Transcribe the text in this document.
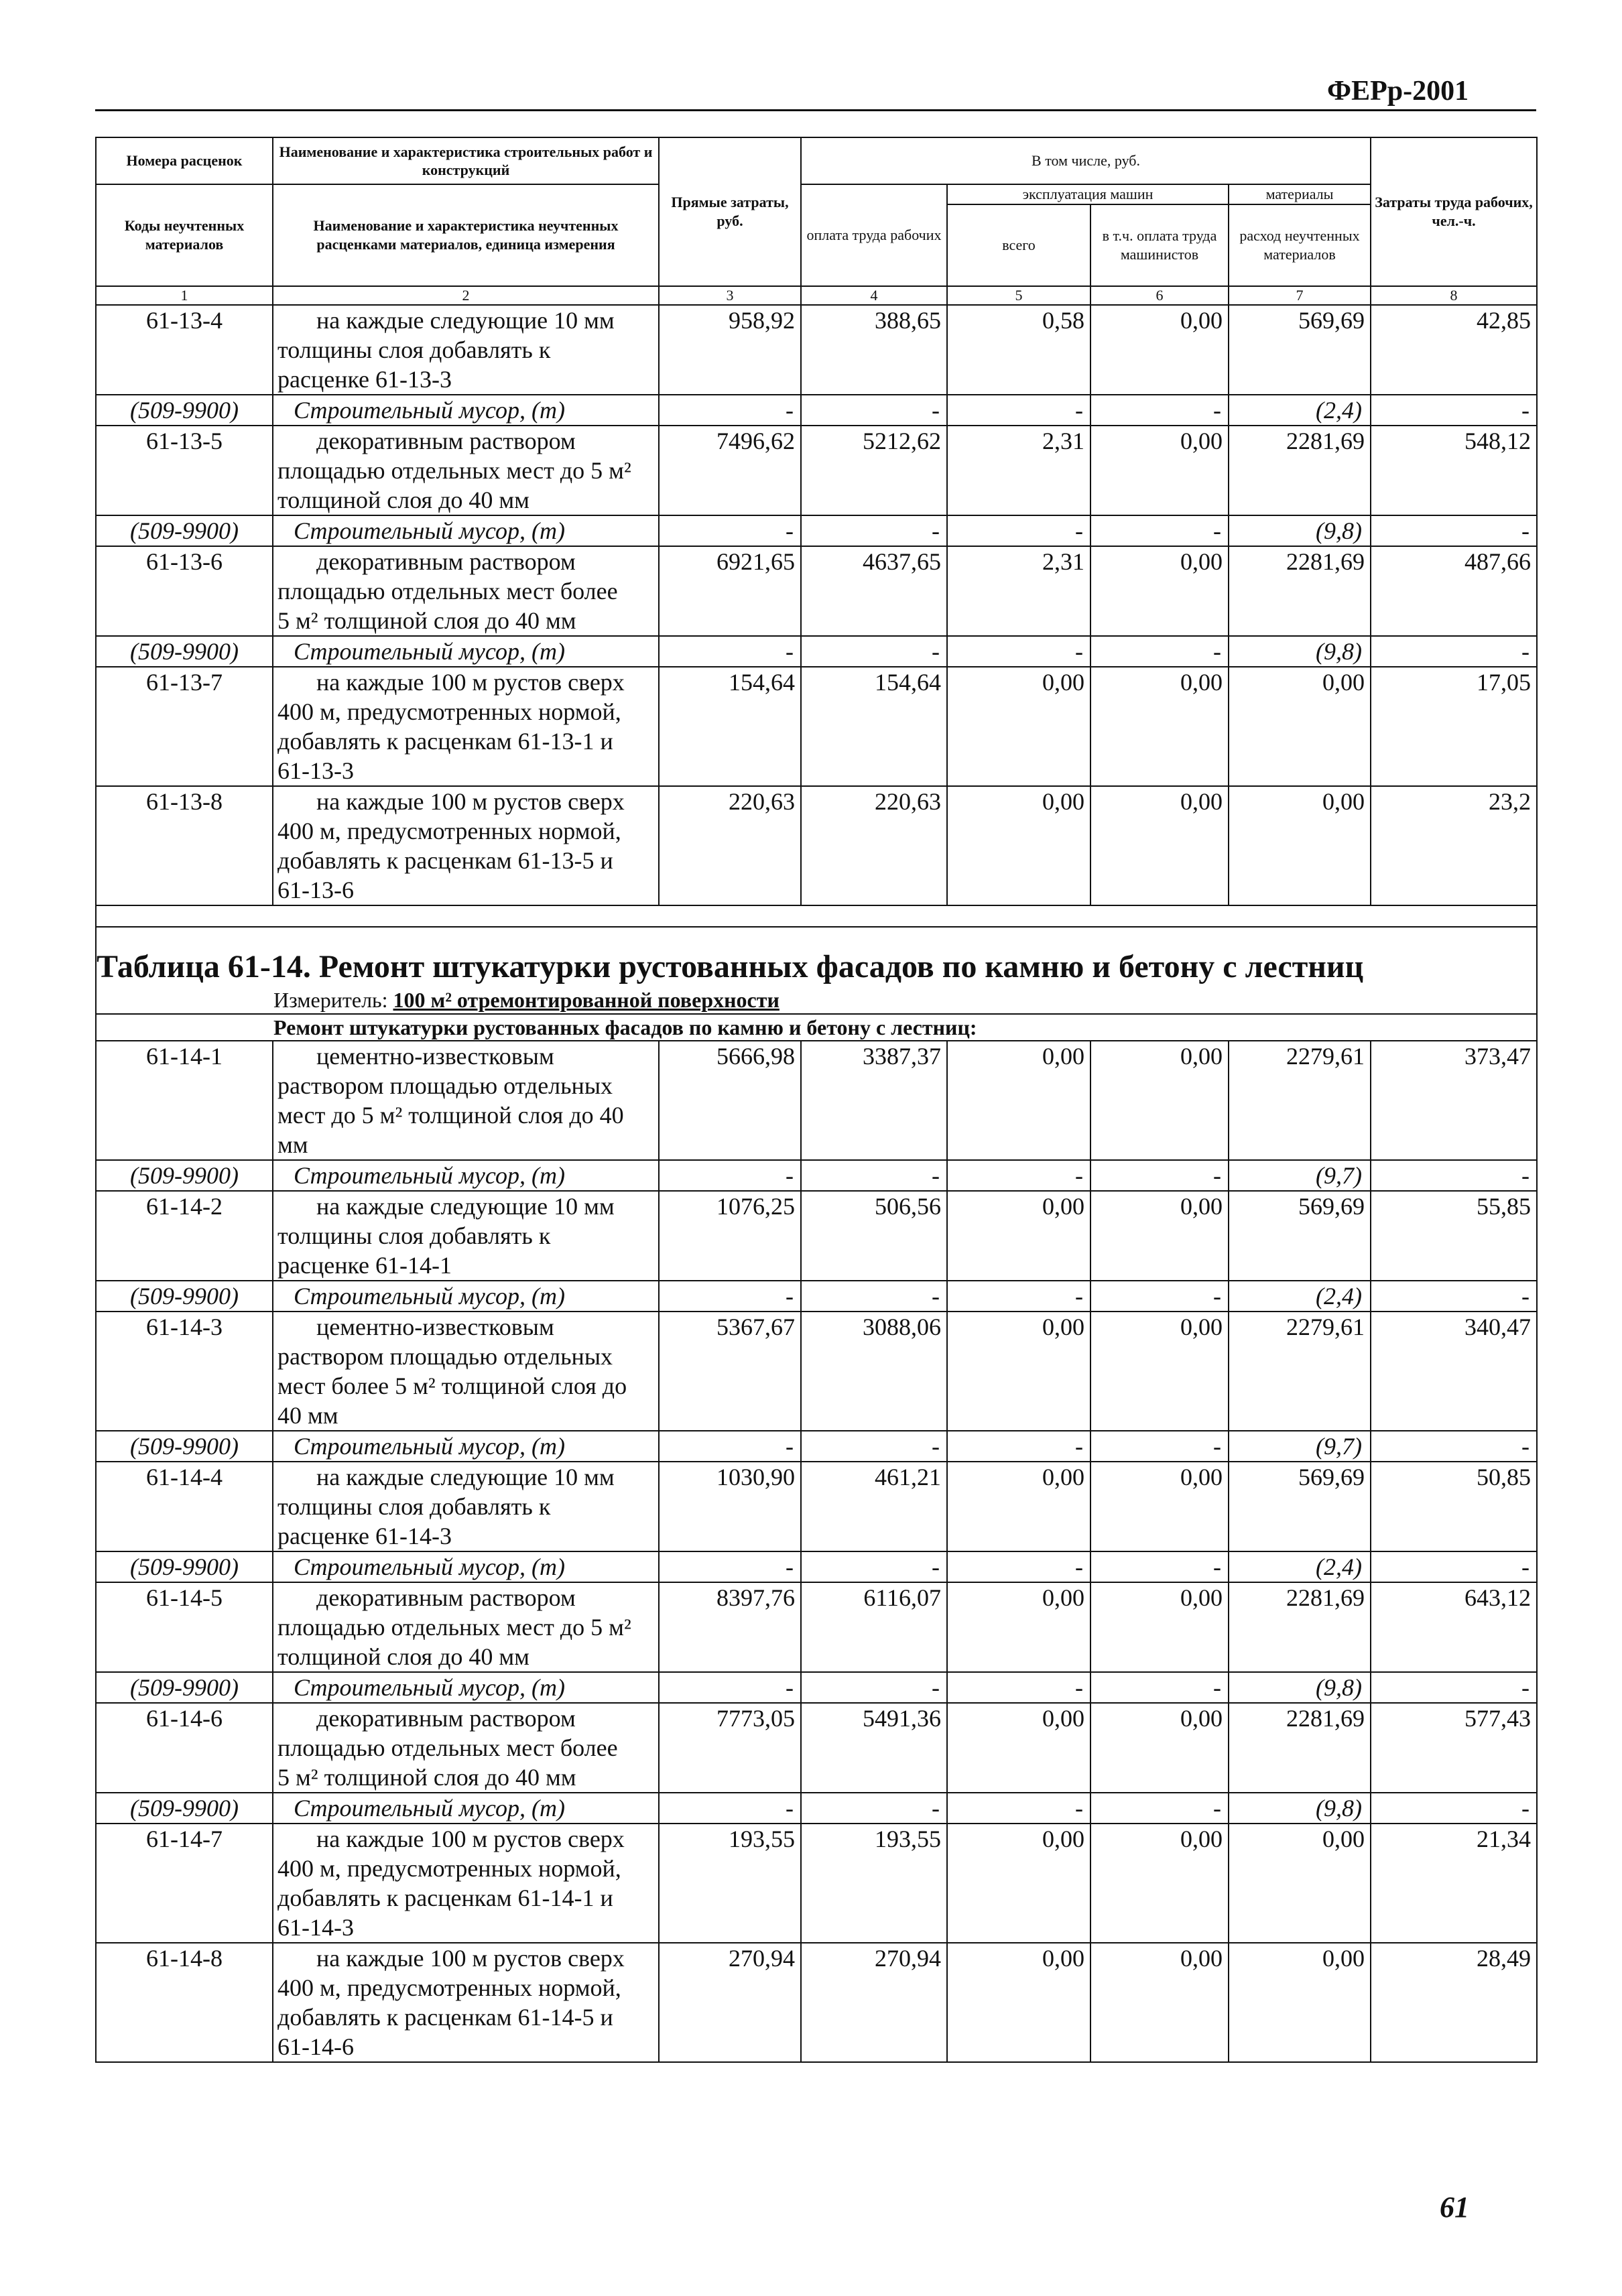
ФЕРр-2001
Номера расценок	Наименование и характеристика строительных работ и конструкций	Прямые затраты, руб.	В том числе, руб.				Затраты труда рабочих, чел.-ч.
Коды неучтенных материалов	Наименование и характеристика неучтенных расценками материалов, единица измерения		оплата труда рабочих	эксплуатация машин		материалы	
				всего	в т.ч. оплата труда машинистов	расход неучтенных материалов	
1	2	3	4	5	6	7	8
61-13-4	на каждые следующие 10 мм
толщины слоя добавлять к
расценке 61-13-3	958,92	388,65	0,58	0,00	569,69	42,85
(509-9900)	Строительный мусор, (т)	-	-	-	-	(2,4)	-
61-13-5	декоративным раствором
площадью отдельных мест до 5 м²
толщиной слоя до 40 мм	7496,62	5212,62	2,31	0,00	2281,69	548,12
(509-9900)	Строительный мусор, (т)	-	-	-	-	(9,8)	-
61-13-6	декоративным раствором
площадью отдельных мест более
5 м² толщиной слоя до 40 мм	6921,65	4637,65	2,31	0,00	2281,69	487,66
(509-9900)	Строительный мусор, (т)	-	-	-	-	(9,8)	-
61-13-7	на каждые 100 м рустов сверх
400 м, предусмотренных нормой,
добавлять к расценкам 61-13-1 и
61-13-3	154,64	154,64	0,00	0,00	0,00	17,05
61-13-8	на каждые 100 м рустов сверх
400 м, предусмотренных нормой,
добавлять к расценкам 61-13-5 и
61-13-6	220,63	220,63	0,00	0,00	0,00	23,2

Таблица 61-14. Ремонт штукатурки рустованных фасадов по камню и бетону с лестниц							
Измеритель: 100 м² отремонтированной поверхности							
Ремонт штукатурки рустованных фасадов по камню и бетону с лестниц:							
61-14-1	цементно-известковым
раствором площадью отдельных
мест до 5 м² толщиной слоя до 40
мм	5666,98	3387,37	0,00	0,00	2279,61	373,47
(509-9900)	Строительный мусор, (т)	-	-	-	-	(9,7)	-
61-14-2	на каждые следующие 10 мм
толщины слоя добавлять к
расценке 61-14-1	1076,25	506,56	0,00	0,00	569,69	55,85
(509-9900)	Строительный мусор, (т)	-	-	-	-	(2,4)	-
61-14-3	цементно-известковым
раствором площадью отдельных
мест более 5 м² толщиной слоя до
40 мм	5367,67	3088,06	0,00	0,00	2279,61	340,47
(509-9900)	Строительный мусор, (т)	-	-	-	-	(9,7)	-
61-14-4	на каждые следующие 10 мм
толщины слоя добавлять к
расценке 61-14-3	1030,90	461,21	0,00	0,00	569,69	50,85
(509-9900)	Строительный мусор, (т)	-	-	-	-	(2,4)	-
61-14-5	декоративным раствором
площадью отдельных мест до 5 м²
толщиной слоя до 40 мм	8397,76	6116,07	0,00	0,00	2281,69	643,12
(509-9900)	Строительный мусор, (т)	-	-	-	-	(9,8)	-
61-14-6	декоративным раствором
площадью отдельных мест более
5 м² толщиной слоя до 40 мм	7773,05	5491,36	0,00	0,00	2281,69	577,43
(509-9900)	Строительный мусор, (т)	-	-	-	-	(9,8)	-
61-14-7	на каждые 100 м рустов сверх
400 м, предусмотренных нормой,
добавлять к расценкам 61-14-1 и
61-14-3	193,55	193,55	0,00	0,00	0,00	21,34
61-14-8	на каждые 100 м рустов сверх
400 м, предусмотренных нормой,
добавлять к расценкам 61-14-5 и
61-14-6	270,94	270,94	0,00	0,00	0,00	28,49
61
